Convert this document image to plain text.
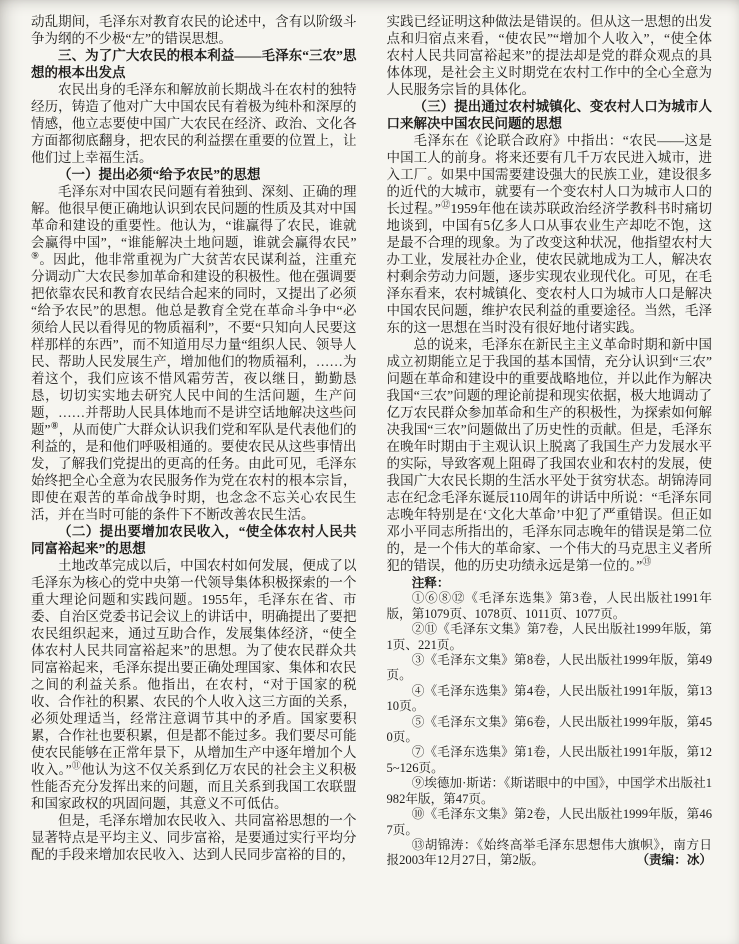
动乱期间，毛泽东对教育农民的论述中，含有以阶级斗争为纲的不少极“左”的错误思想。

三、为了广大农民的根本利益——毛泽东“三农”思想的根本出发点

农民出身的毛泽东和解放前长期战斗在农村的独特经历，铸造了他对广大中国农民有着极为纯朴和深厚的情感，他立志要使中国广大农民在经济、政治、文化各方面都彻底翻身，把农民的利益摆在重要的位置上，让他们过上幸福生活。

（一）提出必须“给予农民”的思想

毛泽东对中国农民问题有着独到、深刻、正确的理解。他很早便正确地认识到农民问题的性质及其对中国革命和建设的重要性。他认为，“谁赢得了农民，谁就会赢得中国”，“谁能解决土地问题，谁就会赢得农民”⑨。因此，他非常重视为广大贫苦农民谋利益，注重充分调动广大农民参加革命和建设的积极性。他在强调要把依靠农民和教育农民结合起来的同时，又提出了必须“给予农民”的思想。他总是教育全党在革命斗争中“必须给人民以看得见的物质福利”，不要“只知向人民要这样那样的东西”，而不知道用尽力量“组织人民、领导人民、帮助人民发展生产，增加他们的物质福利，……为着这个，我们应该不惜风霜劳苦，夜以继日，勤勤恳恳，切切实实地去研究人民中间的生活问题，生产问题，……并帮助人民具体地而不是讲空话地解决这些问题”⑧，从而使广大群众认识我们党和军队是代表他们的利益的，是和他们呼吸相通的。要使农民从这些事情出发，了解我们党提出的更高的任务。由此可见，毛泽东始终把全心全意为农民服务作为党在农村的根本宗旨，即使在艰苦的革命战争时期，也念念不忘关心农民生活，并在当时可能的条件下不断改善农民生活。

（二）提出要增加农民收入，“使全体农村人民共同富裕起来”的思想

土地改革完成以后，中国农村如何发展，便成了以毛泽东为核心的党中央第一代领导集体积极探索的一个重大理论问题和实践问题。1955年，毛泽东在省、市委、自治区党委书记会议上的讲话中，明确提出了要把农民组织起来，通过互助合作，发展集体经济，“使全体农村人民共同富裕起来”的思想。为了使农民群众共同富裕起来，毛泽东提出要正确处理国家、集体和农民之间的利益关系。他指出，在农村，“对于国家的税收、合作社的积累、农民的个人收入这三方面的关系，必须处理适当，经常注意调节其中的矛盾。国家要积累，合作社也要积累，但是都不能过多。我们要尽可能使农民能够在正常年景下，从增加生产中逐年增加个人收入。”⑪他认为这不仅关系到亿万农民的社会主义积极性能否充分发挥出来的问题，而且关系到我国工农联盟和国家政权的巩固问题，其意义不可低估。

但是，毛泽东增加农民收入、共同富裕思想的一个显著特点是平均主义、同步富裕，是要通过实行平均分配的手段来增加农民收入、达到人民同步富裕的目的，

实践已经证明这种做法是错误的。但从这一思想的出发点和归宿点来看，“使农民”“增加个人收入”，“使全体农村人民共同富裕起来”的提法却是党的群众观点的具体体现，是社会主义时期党在农村工作中的全心全意为人民服务宗旨的具体化。

（三）提出通过农村城镇化、变农村人口为城市人口来解决中国农民问题的思想

毛泽东在《论联合政府》中指出：“农民——这是中国工人的前身。将来还要有几千万农民进入城市，进入工厂。如果中国需要建设强大的民族工业，建设很多的近代的大城市，就要有一个变农村人口为城市人口的长过程。”⑫1959年他在读苏联政治经济学教科书时痛切地谈到，中国有5亿多人口从事农业生产却吃不饱，这是最不合理的现象。为了改变这种状况，他指望农村大办工业，发展社办企业，使农民就地成为工人，解决农村剩余劳动力问题，逐步实现农业现代化。可见，在毛泽东看来，农村城镇化、变农村人口为城市人口是解决中国农民问题，维护农民利益的重要途径。当然，毛泽东的这一思想在当时没有很好地付诸实践。

总的说来，毛泽东在新民主主义革命时期和新中国成立初期能立足于我国的基本国情，充分认识到“三农”问题在革命和建设中的重要战略地位，并以此作为解决我国“三农”问题的理论前提和现实依据，极大地调动了亿万农民群众参加革命和生产的积极性，为探索如何解决我国“三农”问题做出了历史性的贡献。但是，毛泽东在晚年时期由于主观认识上脱离了我国生产力发展水平的实际，导致客观上阻碍了我国农业和农村的发展，使我国广大农民长期的生活水平处于贫穷状态。胡锦涛同志在纪念毛泽东诞辰110周年的讲话中所说：“毛泽东同志晚年特别是在‘文化大革命’中犯了严重错误。但正如邓小平同志所指出的，毛泽东同志晚年的错误是第二位的，是一个伟大的革命家、一个伟大的马克思主义者所犯的错误，他的历史功绩永远是第一位的。”⑬

注释：

①⑥⑧⑫《毛泽东选集》第3卷，人民出版社1991年版，第1079页、1078页、1011页、1077页。

②⑪《毛泽东文集》第7卷，人民出版社1999年版，第1页、221页。

③《毛泽东文集》第8卷，人民出版社1999年版，第49页。

④《毛泽东选集》第4卷，人民出版社1991年版，第1310页。

⑤《毛泽东文集》第6卷，人民出版社1999年版，第450页。

⑦《毛泽东选集》第1卷，人民出版社1991年版，第125~126页。

⑨埃德加·斯诺：《斯诺眼中的中国》，中国学术出版社1982年版，第47页。

⑩《毛泽东文集》第2卷，人民出版社1999年版，第467页。

⑬胡锦涛：《始终高举毛泽东思想伟大旗帜》，南方日报2003年12月27日，第2版。	（责编：冰）
